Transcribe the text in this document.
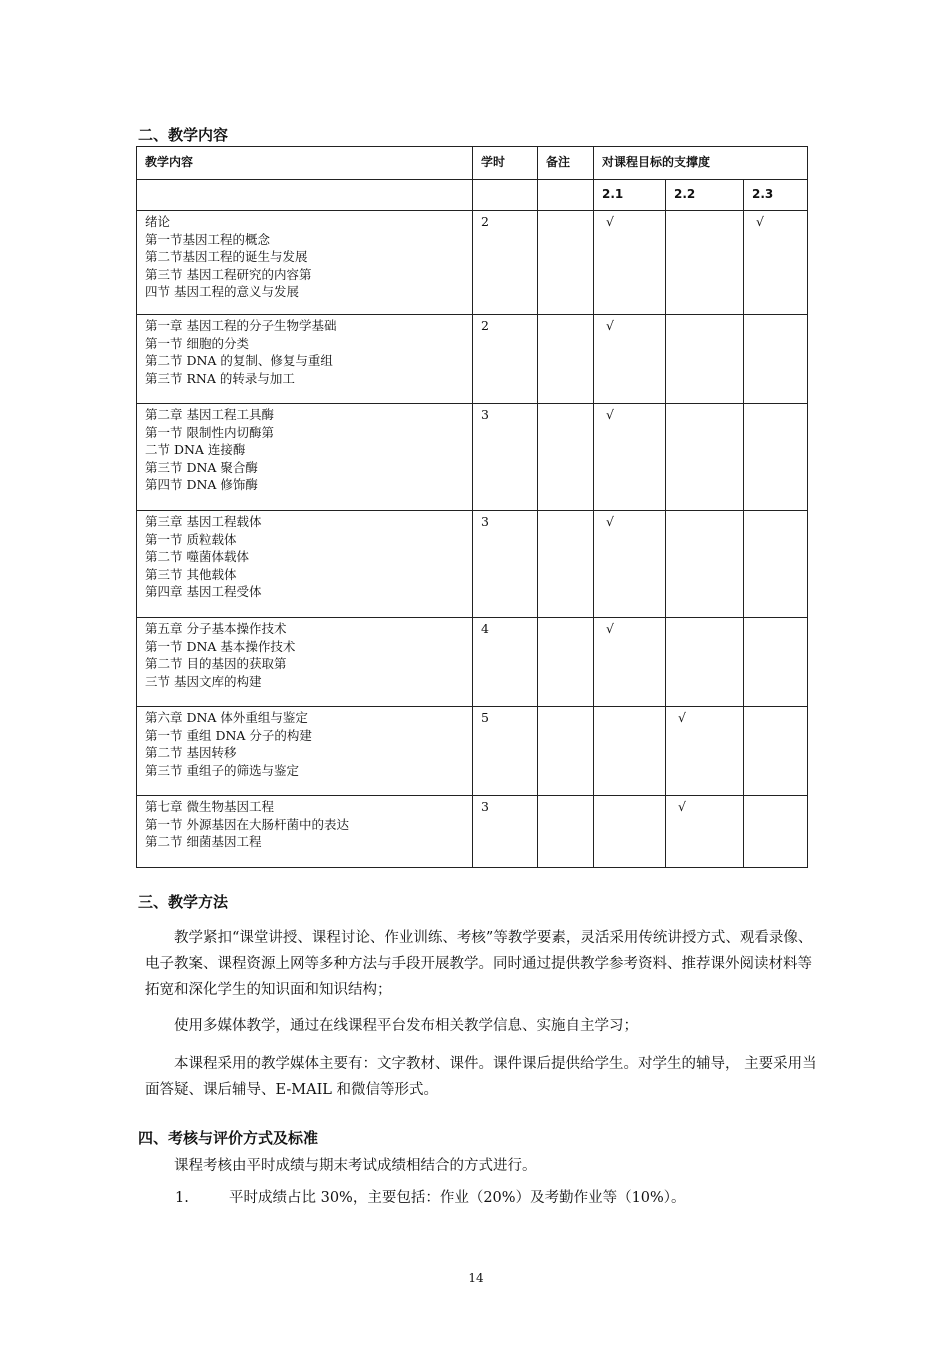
二、教学内容
教学内容	学时	备注	对课程目标的支撑度		
			2.1	2.2	2.3

绪论
第一节基因工程的概念
第二节基因工程的诞生与发展
第三节 基因工程研究的内容第
四节 基因工程的意义与发展	2		√		√

第一章 基因工程的分子生物学基础
第一节 细胞的分类
第二节 DNA 的复制、修复与重组
第三节 RNA 的转录与加工	2		√		

第二章 基因工程工具酶
第一节 限制性内切酶第
二节 DNA 连接酶
第三节 DNA 聚合酶
第四节 DNA 修饰酶	3		√		

第三章 基因工程载体
第一节 质粒载体
第二节 噬菌体载体
第三节 其他载体
第四章 基因工程受体	3		√		

第五章 分子基本操作技术
第一节 DNA 基本操作技术
第二节 目的基因的获取第
三节 基因文库的构建	4		√		

第六章 DNA 体外重组与鉴定
第一节 重组 DNA 分子的构建
第二节 基因转移
第三节 重组子的筛选与鉴定	5			√	

第七章 微生物基因工程
第一节 外源基因在大肠杆菌中的表达
第二节 细菌基因工程	3			√	
三、教学方法
教学紧扣“课堂讲授、课程讨论、作业训练、考核”等教学要素，灵活采用传统讲授方式、观看录像、电子教案、课程资源上网等多种方法与手段开展教学。同时通过提供教学参考资料、推荐课外阅读材料等拓宽和深化学生的知识面和知识结构；
使用多媒体教学，通过在线课程平台发布相关教学信息、实施自主学习；
本课程采用的教学媒体主要有：文字教材、课件。课件课后提供给学生。对学生的辅导， 主要采用当面答疑、课后辅导、E-MAIL 和微信等形式。
四、考核与评价方式及标准
课程考核由平时成绩与期末考试成绩相结合的方式进行。
1.	平时成绩占比 30%，主要包括：作业（20%）及考勤作业等（10%）。
14
